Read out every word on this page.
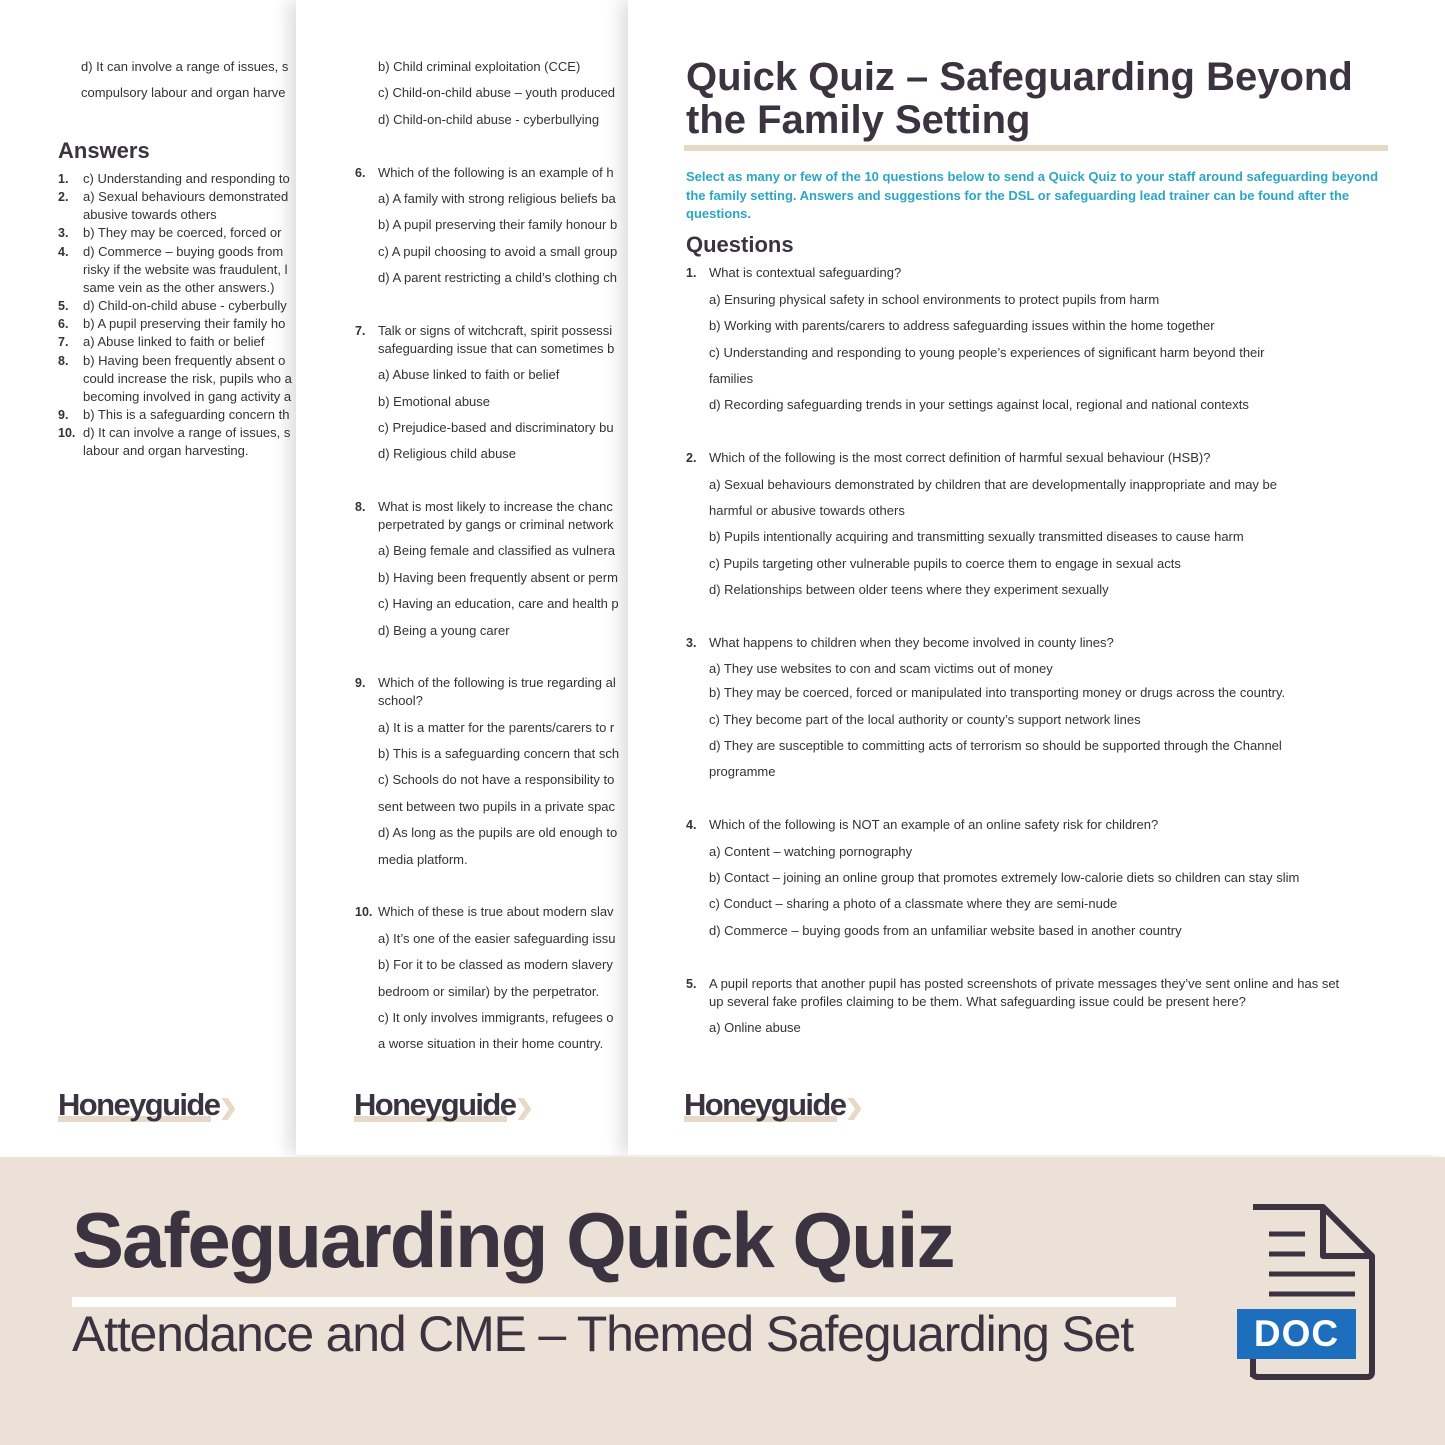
d) It can involve a range of issues, s
compulsory labour and organ harve
Answers
1. c) Understanding and responding to
2. a) Sexual behaviours demonstrated
abusive towards others
3. b) They may be coerced, forced or
4. d) Commerce – buying goods from
risky if the website was fraudulent, l
same vein as the other answers.)
5. d) Child-on-child abuse - cyberbully
6. b) A pupil preserving their family ho
7. a) Abuse linked to faith or belief
8. b) Having been frequently absent o
could increase the risk, pupils who a
becoming involved in gang activity a
9. b) This is a safeguarding concern th
10. d) It can involve a range of issues, s
labour and organ harvesting.
Honeyguide
b) Child criminal exploitation (CCE)
c) Child-on-child abuse – youth produced
d) Child-on-child abuse - cyberbullying
6. Which of the following is an example of h
a) A family with strong religious beliefs ba
b) A pupil preserving their family honour b
c) A pupil choosing to avoid a small group
d) A parent restricting a child’s clothing ch
7. Talk or signs of witchcraft, spirit possessi
safeguarding issue that can sometimes b
a) Abuse linked to faith or belief
b) Emotional abuse
c) Prejudice-based and discriminatory bu
d) Religious child abuse
8. What is most likely to increase the chanc
perpetrated by gangs or criminal network
a) Being female and classified as vulnera
b) Having been frequently absent or perm
c) Having an education, care and health p
d) Being a young carer
9. Which of the following is true regarding al
school?
a) It is a matter for the parents/carers to r
b) This is a safeguarding concern that sch
c) Schools do not have a responsibility to
sent between two pupils in a private spac
d) As long as the pupils are old enough to
media platform.
10. Which of these is true about modern slav
a) It’s one of the easier safeguarding issu
b) For it to be classed as modern slavery
bedroom or similar) by the perpetrator.
c) It only involves immigrants, refugees o
a worse situation in their home country.
Honeyguide
Quick Quiz – Safeguarding Beyond the Family Setting
Select as many or few of the 10 questions below to send a Quick Quiz to your staff around safeguarding beyond the family setting. Answers and suggestions for the DSL or safeguarding lead trainer can be found after the questions.
Questions
1. What is contextual safeguarding?
a) Ensuring physical safety in school environments to protect pupils from harm
b) Working with parents/carers to address safeguarding issues within the home together
c) Understanding and responding to young people’s experiences of significant harm beyond their
families
d) Recording safeguarding trends in your settings against local, regional and national contexts
2. Which of the following is the most correct definition of harmful sexual behaviour (HSB)?
a) Sexual behaviours demonstrated by children that are developmentally inappropriate and may be
harmful or abusive towards others
b) Pupils intentionally acquiring and transmitting sexually transmitted diseases to cause harm
c) Pupils targeting other vulnerable pupils to coerce them to engage in sexual acts
d) Relationships between older teens where they experiment sexually
3. What happens to children when they become involved in county lines?
a) They use websites to con and scam victims out of money
b) They may be coerced, forced or manipulated into transporting money or drugs across the country.
c) They become part of the local authority or county’s support network lines
d) They are susceptible to committing acts of terrorism so should be supported through the Channel
programme
4. Which of the following is NOT an example of an online safety risk for children?
a) Content – watching pornography
b) Contact – joining an online group that promotes extremely low-calorie diets so children can stay slim
c) Conduct – sharing a photo of a classmate where they are semi-nude
d) Commerce – buying goods from an unfamiliar website based in another country
5. A pupil reports that another pupil has posted screenshots of private messages they’ve sent online and has set
up several fake profiles claiming to be them. What safeguarding issue could be present here?
a) Online abuse
Honeyguide
Safeguarding Quick Quiz
Attendance and CME – Themed Safeguarding Set	DOC
